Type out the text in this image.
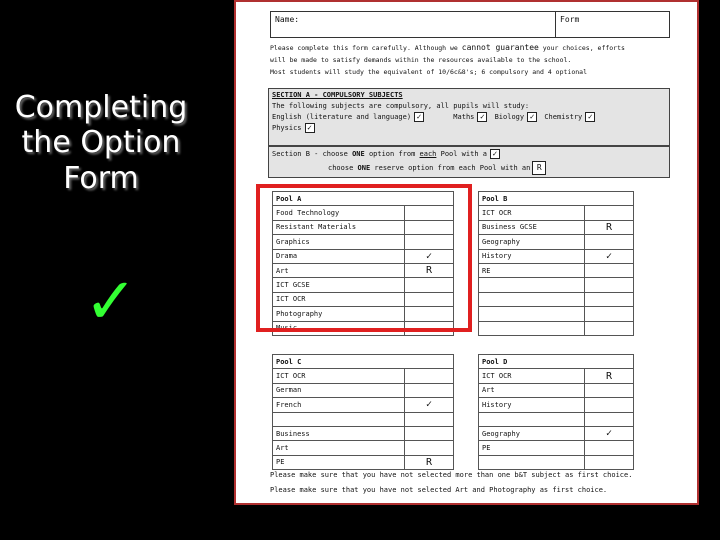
Completing
the Option
Form
✓
Name:	Form
Please complete this form carefully. Although we cannot guarantee your choices, efforts
will be made to satisfy demands within the resources available to the school.
Most students will study the equivalent of 10/6c&8's; 6 compulsory and 4 optional
SECTION A - COMPULSORY SUBJECTS
The following subjects are compulsory, all pupils will study:
English (literature and language) ✓	Maths ✓ Biology ✓ Chemistry ✓
Physics ✓
Section B - choose ONE option from each Pool with a ✓
choose ONE reserve option from each Pool with an R
Pool A	
Food Technology	
Resistant Materials	
Graphics	
Drama	✓
Art	R
ICT GCSE	
ICT OCR	
Photography	
Music	
Pool B	
ICT OCR	
Business GCSE	R
Geography	
History	✓
RE	

Pool C	
ICT OCR	
German	
French	✓

Business	
Art	
PE	R
Pool D	
ICT OCR	R
Art	
History	

Geography	✓
PE	

Please make sure that you have not selected more than one b&T subject as first choice.
Please make sure that you have not selected Art and Photography as first choice.
